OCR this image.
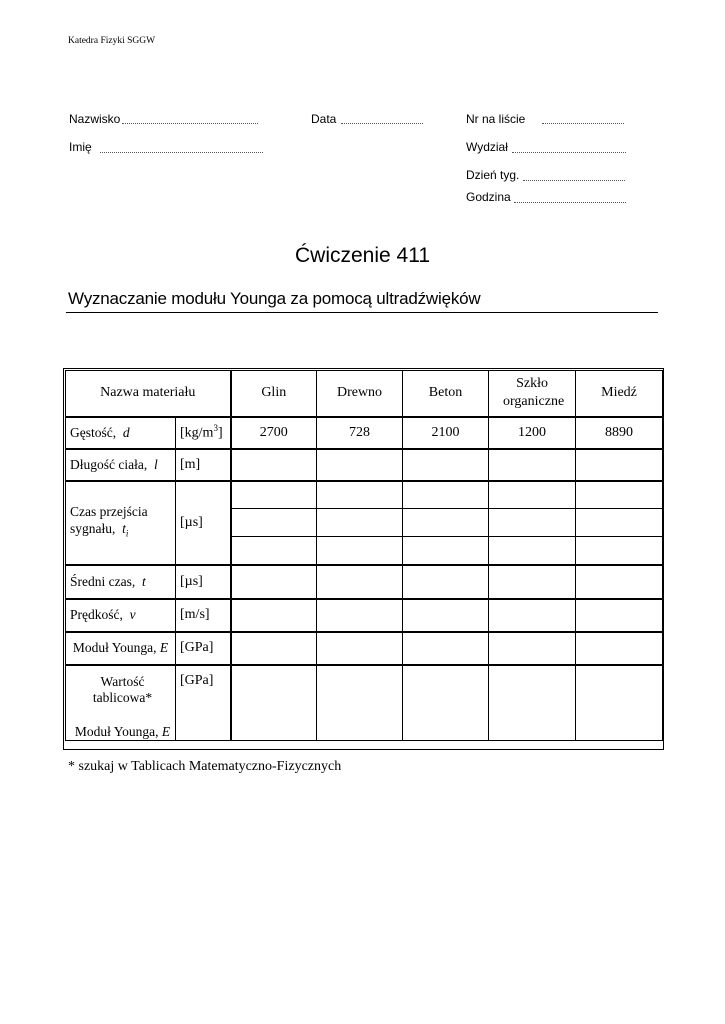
Katedra Fizyki SGGW
Nazwisko	Data	Nr na liście
Imię	Wydział
Dzień tyg.
Godzina
Ćwiczenie 411
Wyznaczanie modułu Younga za pomocą ultradźwięków
Nazwa materiału		Glin	Drewno	Beton	Szkło organiczne	Miedź
Gęstość, d	$[kg/m^3]$	2700	728	2100	1200	8890
Długość ciała, l	[m]					
Czas przejścia sygnału, $t_i$	[µs]					

Średni czas, t	[µs]					
Prędkość, v	[m/s]					
Moduł Younga, E	[GPa]					

Wartość
tablicowa*
Moduł Younga, E	[GPa]					
* szukaj w Tablicach Matematyczno-Fizycznych
